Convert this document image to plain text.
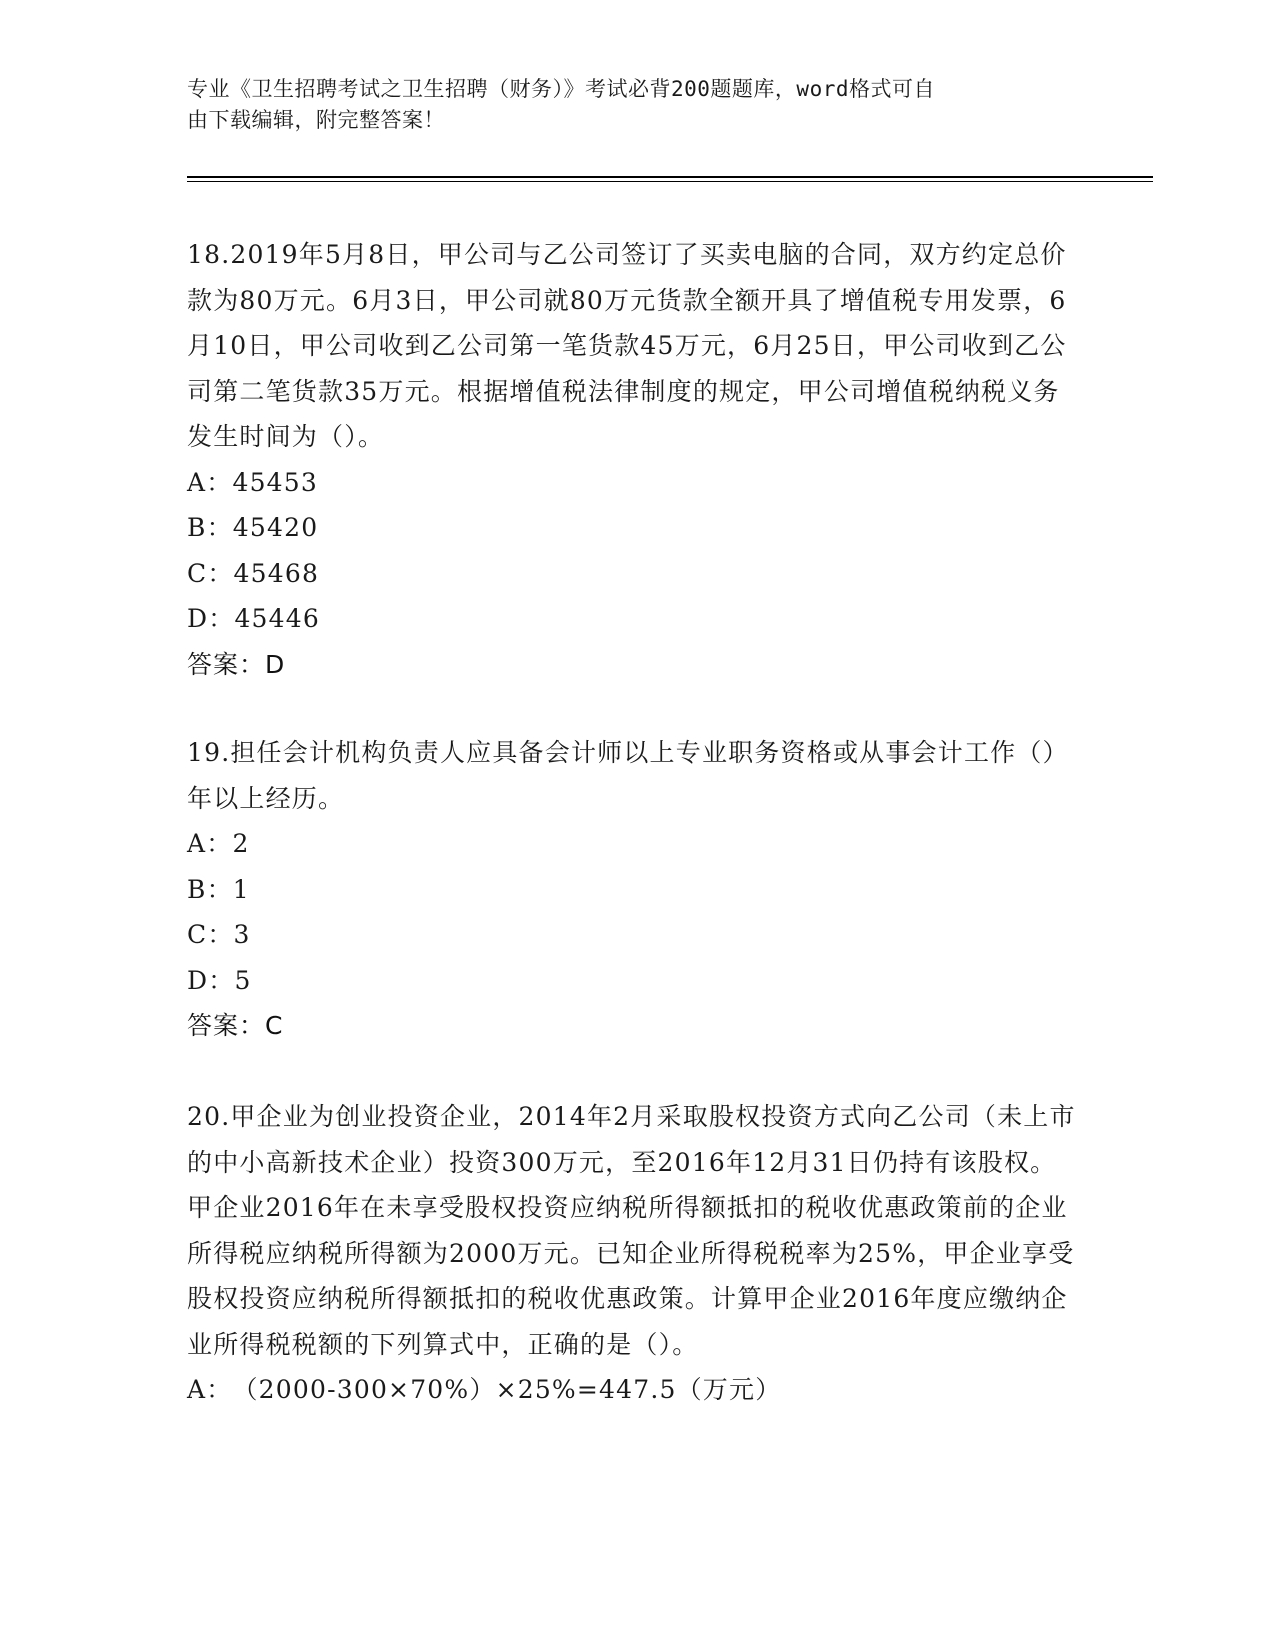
专业《卫生招聘考试之卫生招聘（财务）》考试必背200题题库，word格式可自
由下载编辑，附完整答案！

18.2019年5月8日，甲公司与乙公司签订了买卖电脑的合同，双方约定总价款为80万元。6月3日，甲公司就80万元货款全额开具了增值税专用发票，6月10日，甲公司收到乙公司第一笔货款45万元，6月25日，甲公司收到乙公司第二笔货款35万元。根据增值税法律制度的规定，甲公司增值税纳税义务发生时间为（）。

A：45453
B：45420
C：45468
D：45446
答案：D

19.担任会计机构负责人应具备会计师以上专业职务资格或从事会计工作（）年以上经历。

A：2
B：1
C：3
D：5
答案：C

20.甲企业为创业投资企业，2014年2月采取股权投资方式向乙公司（未上市的中小高新技术企业）投资300万元，至2016年12月31日仍持有该股权。甲企业2016年在未享受股权投资应纳税所得额抵扣的税收优惠政策前的企业所得税应纳税所得额为2000万元。已知企业所得税税率为25%，甲企业享受股权投资应纳税所得额抵扣的税收优惠政策。计算甲企业2016年度应缴纳企业所得税税额的下列算式中，正确的是（）。

A：（2000-300×70%）×25%=447.5（万元）
